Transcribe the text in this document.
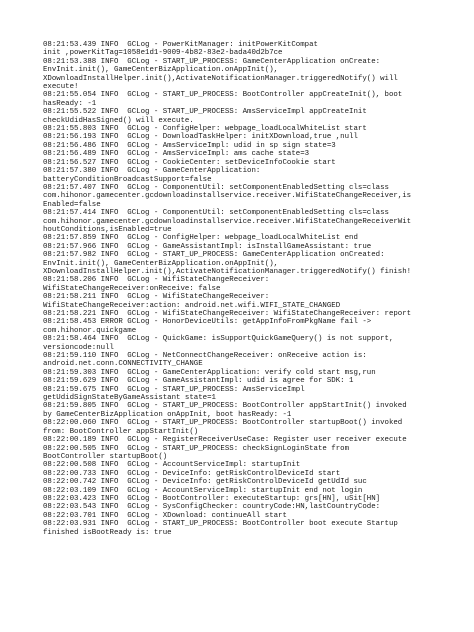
08:21:53.439 INFO  GCLog - PowerKitManager: initPowerKitCompat
init ,powerKitTag=1058e1d1-9009-4b82-83e2-bada40d2b7ce
08:21:53.388 INFO  GCLog - START_UP_PROCESS: GameCenterApplication onCreate:
EnvInit.init(), GameCenterBizApplication.onAppInit(),
XDownloadInstallHelper.init(),ActivateNotificationManager.triggeredNotify() will
execute!
08:21:55.054 INFO  GCLog - START_UP_PROCESS: BootController appCreateInit(), boot
hasReady: -1
08:21:55.522 INFO  GCLog - START_UP_PROCESS: AmsServiceImpl appCreateInit
checkUdidHasSigned() will execute.
08:21:55.803 INFO  GCLog - ConfigHelper: webpage_loadLocalWhiteList start
08:21:56.193 INFO  GCLog - DownloadTaskHelper: initXDownload,true ,null
08:21:56.486 INFO  GCLog - AmsServiceImpl: udid in sp sign state=3
08:21:56.489 INFO  GCLog - AmsServiceImpl: ams cache state=3
08:21:56.527 INFO  GCLog - CookieCenter: setDeviceInfoCookie start
08:21:57.380 INFO  GCLog - GameCenterApplication:
batteryConditionBroadcastSupport=false
08:21:57.407 INFO  GCLog - ComponentUtil: setComponentEnabledSetting cls=class
com.hihonor.gamecenter.gcdownloadinstallservice.receiver.WifiStateChangeReceiver,is
Enabled=false
08:21:57.414 INFO  GCLog - ComponentUtil: setComponentEnabledSetting cls=class
com.hihonor.gamecenter.gcdownloadinstallservice.receiver.WifiStateChangeReceiverWit
houtConditions,isEnabled=true
08:21:57.859 INFO  GCLog - ConfigHelper: webpage_loadLocalWhiteList end
08:21:57.966 INFO  GCLog - GameAssistantImpl: isInstallGameAssistant: true
08:21:57.982 INFO  GCLog - START_UP_PROCESS: GameCenterApplication onCreated:
EnvInit.init(), GameCenterBizApplication.onAppInit(),
XDownloadInstallHelper.init(),ActivateNotificationManager.triggeredNotify() finish!
08:21:58.206 INFO  GCLog - WifiStateChangeReceiver:
WifiStateChangeReceiver:onReceive: false
08:21:58.211 INFO  GCLog - WifiStateChangeReceiver:
WifiStateChangeReceiver:action: android.net.wifi.WIFI_STATE_CHANGED
08:21:58.221 INFO  GCLog - WifiStateChangeReceiver: WifiStateChangeReceiver: report
08:21:58.453 ERROR GCLog - HonorDeviceUtils: getAppInfoFromPkgName fail ->
com.hihonor.quickgame
08:21:58.464 INFO  GCLog - QuickGame: isSupportQuickGameQuery() is not support,
versioncode:null
08:21:59.110 INFO  GCLog - NetConnectChangeReceiver: onReceive action is:
android.net.conn.CONNECTIVITY_CHANGE
08:21:59.303 INFO  GCLog - GameCenterApplication: verify cold start msg,run
08:21:59.629 INFO  GCLog - GameAssistantImpl: udid is agree for SDK: 1
08:21:59.675 INFO  GCLog - START_UP_PROCESS: AmsServiceImpl
getUdidSignStateByGameAssistant state=1
08:21:59.805 INFO  GCLog - START_UP_PROCESS: BootController appStartInit() invoked
by GameCenterBizApplication onAppInit, boot hasReady: -1
08:22:00.060 INFO  GCLog - START_UP_PROCESS: BootController startupBoot() invoked
from: BootController appStartInit()
08:22:00.189 INFO  GCLog - RegisterReceiverUseCase: Register user receiver execute
08:22:00.505 INFO  GCLog - START_UP_PROCESS: checkSignLoginState from
BootController startupBoot()
08:22:00.508 INFO  GCLog - AccountServiceImpl: startupInit
08:22:00.733 INFO  GCLog - DeviceInfo: getRiskControlDeviceId start
08:22:00.742 INFO  GCLog - DeviceInfo: getRiskControlDeviceId getUdId suc
08:22:03.109 INFO  GCLog - AccountServiceImpl: startupInit end not login
08:22:03.423 INFO  GCLog - BootController: executeStartup: grs[HN], uSit[HN]
08:22:03.543 INFO  GCLog - SysConfigChecker: countryCode:HN,lastCountryCode:
08:22:03.701 INFO  GCLog - XDownload: continueAll start
08:22:03.931 INFO  GCLog - START_UP_PROCESS: BootController boot execute Startup
finished isBootReady is: true
